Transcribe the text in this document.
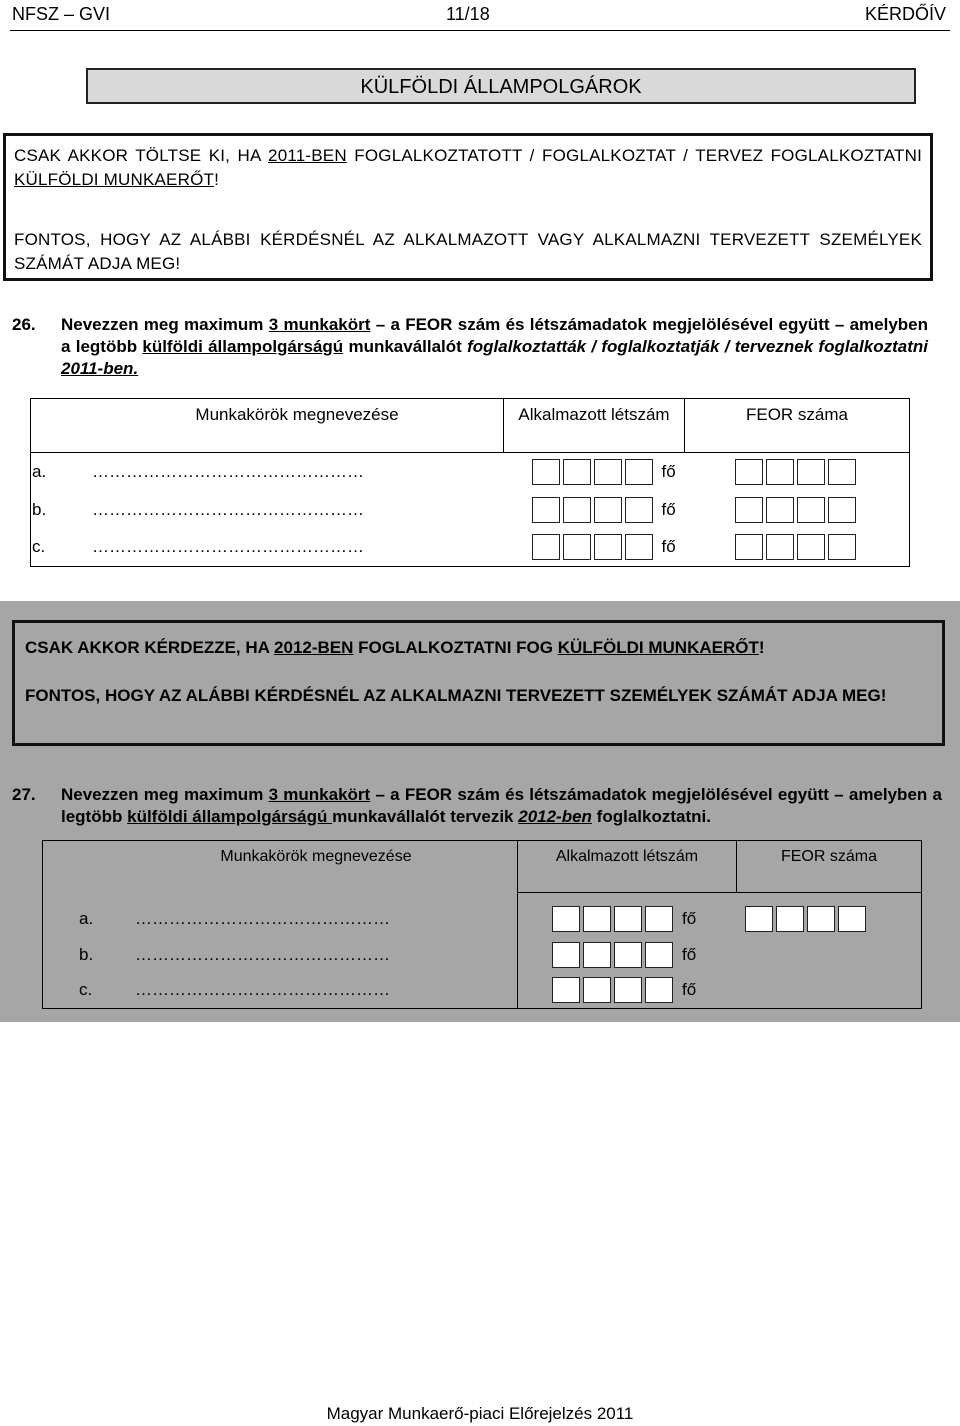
NFSZ – GVI	11/18	KÉRDŐÍV
KÜLFÖLDI ÁLLAMPOLGÁROK

CSAK AKKOR TÖLTSE KI, HA 2011-BEN FOGLALKOZTATOTT / FOGLALKOZTAT / TERVEZ FOGLALKOZTATNI KÜLFÖLDI MUNKAERŐT!

FONTOS, HOGY AZ ALÁBBI KÉRDÉSNÉL AZ ALKALMAZOTT VAGY ALKALMAZNI TERVEZETT SZEMÉLYEK SZÁMÁT ADJA MEG!

26. Nevezzen meg maximum 3 munkakört – a FEOR szám és létszámadatok megjelölésével együtt – amelyben a legtöbb külföldi állampolgárságú munkavállalót foglalkoztatták / foglalkoztatják / terveznek foglalkoztatni 2011-ben.
	Munkakörök megnevezése	Alkalmazott létszám	FEOR száma
a.	…………………………………………	fő	
b.	…………………………………………	fő	
c.	…………………………………………	fő	

CSAK AKKOR KÉRDEZZE, HA 2012-BEN FOGLALKOZTATNI FOG KÜLFÖLDI MUNKAERŐT!

FONTOS, HOGY AZ ALÁBBI KÉRDÉSNÉL AZ ALKALMAZNI TERVEZETT SZEMÉLYEK SZÁMÁT ADJA MEG!

27. Nevezzen meg maximum 3 munkakört – a FEOR szám és létszámadatok megjelölésével együtt – amelyben a legtöbb külföldi állampolgárságú munkavállalót tervezik 2012-ben foglalkoztatni.
	Munkakörök megnevezése	Alkalmazott létszám	FEOR száma

a.	………………………………………	fő	
b.	………………………………………	fő	
c.	………………………………………	fő	
Magyar Munkaerő-piaci Előrejelzés 2011
